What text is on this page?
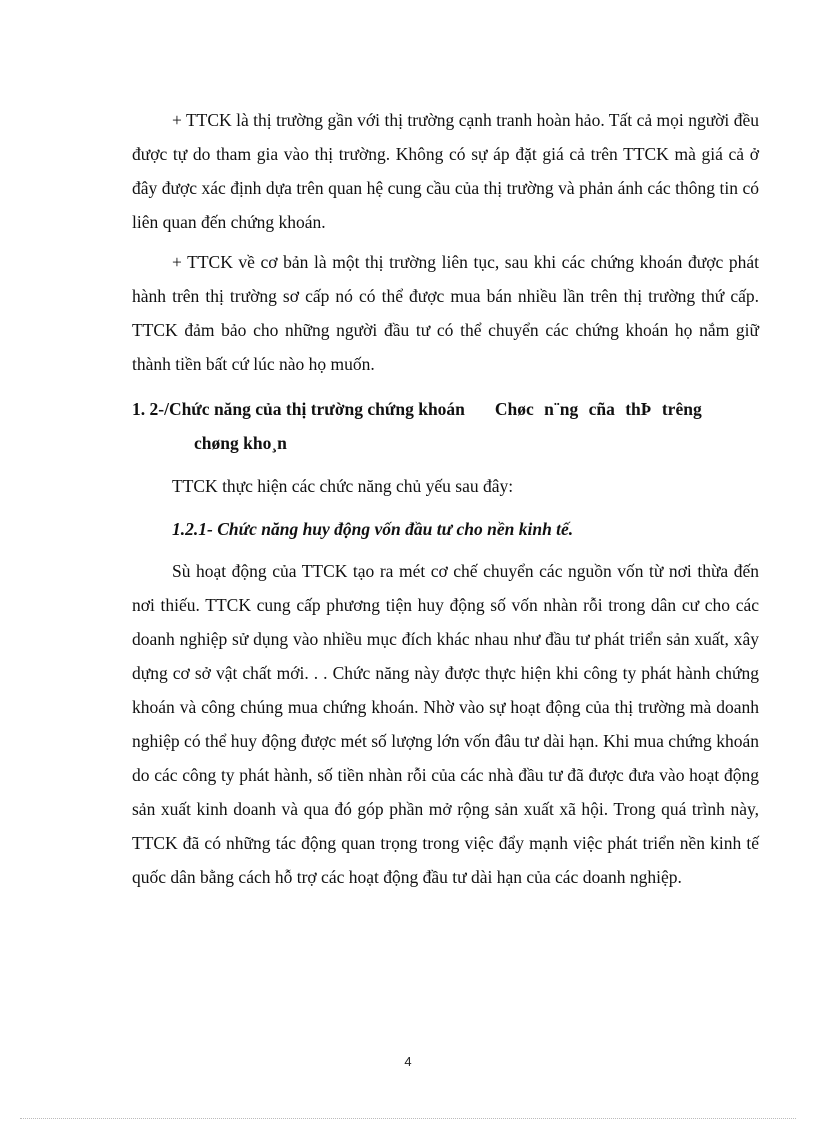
+ TTCK là thị trường gần với thị trường cạnh tranh hoàn hảo. Tất cả mọi người đều được tự do tham gia vào thị trường. Không có sự áp đặt giá cả trên TTCK mà giá cả ở đây được xác định dựa trên quan hệ cung cầu của thị trường và phản ánh các thông tin có liên quan đến chứng khoán.

+ TTCK về cơ bản là một thị trường liên tục, sau khi các chứng khoán được phát hành trên thị trường sơ cấp nó có thể được mua bán nhiều lần trên thị trường thứ cấp. TTCK đảm bảo cho những người đầu tư có thể chuyển các chứng khoán họ nắm giữ thành tiền bất cứ lúc nào họ muốn.

1. 2-/Chức năng của thị trường chứng khoán Chøc n¨ng cña thÞ trêng
chøng kho¸n

TTCK thực hiện các chức năng chủ yếu sau đây:

1.2.1- Chức năng huy động vốn đầu tư cho nền kinh tế.

Sù hoạt động của TTCK tạo ra mét cơ chế chuyển các nguồn vốn từ nơi thừa đến nơi thiếu. TTCK cung cấp phương tiện huy động số vốn nhàn rỗi trong dân cư cho các doanh nghiệp sử dụng vào nhiều mục đích khác nhau như đầu tư phát triển sản xuất, xây dựng cơ sở vật chất mới. . . Chức năng này được thực hiện khi công ty phát hành chứng khoán và công chúng mua chứng khoán. Nhờ vào sự hoạt động của thị trường mà doanh nghiệp có thể huy động được mét số lượng lớn vốn đâu tư dài hạn. Khi mua chứng khoán do các công ty phát hành, số tiền nhàn rỗi của các nhà đầu tư đã được đưa vào hoạt động sản xuất kinh doanh và qua đó góp phần mở rộng sản xuất xã hội. Trong quá trình này, TTCK đã có những tác động quan trọng trong việc đẩy mạnh việc phát triển nền kinh tế quốc dân bằng cách hỗ trợ các hoạt động đầu tư dài hạn của các doanh nghiệp.

4
